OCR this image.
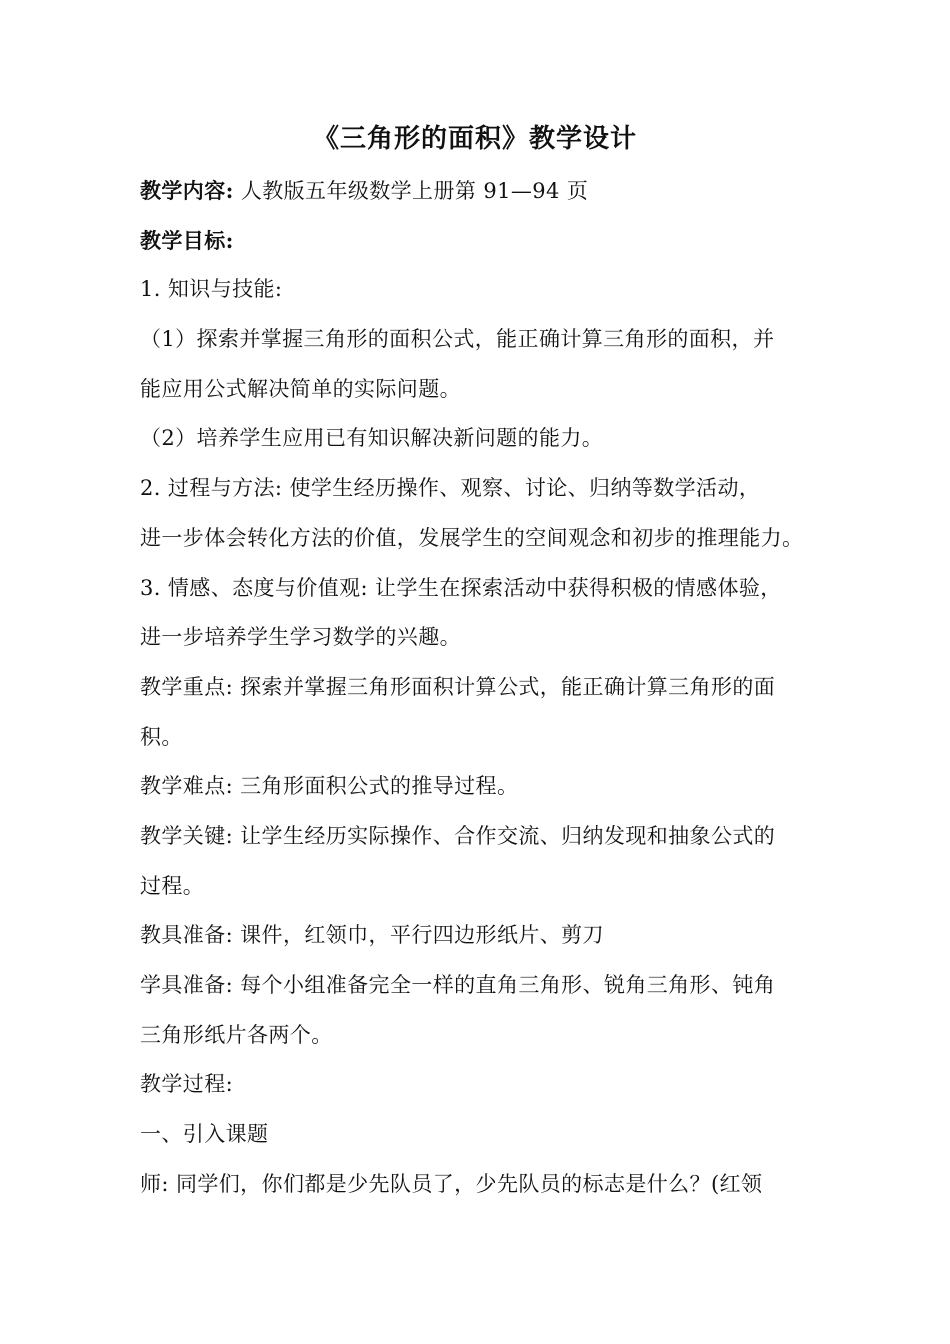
《三角形的面积》教学设计

教学内容: 人教版五年级数学上册第 91—94 页

教学目标:

1. 知识与技能:

（1）探索并掌握三角形的面积公式，能正确计算三角形的面积，并

能应用公式解决简单的实际问题。

（2）培养学生应用已有知识解决新问题的能力。

2. 过程与方法: 使学生经历操作、观察、讨论、归纳等数学活动，

进一步体会转化方法的价值，发展学生的空间观念和初步的推理能力。

3. 情感、态度与价值观: 让学生在探索活动中获得积极的情感体验，

进一步培养学生学习数学的兴趣。

教学重点: 探索并掌握三角形面积计算公式，能正确计算三角形的面

积。

教学难点: 三角形面积公式的推导过程。

教学关键: 让学生经历实际操作、合作交流、归纳发现和抽象公式的

过程。

教具准备: 课件，红领巾，平行四边形纸片、剪刀

学具准备: 每个小组准备完全一样的直角三角形、锐角三角形、钝角

三角形纸片各两个。

教学过程:

一、引入课题

师: 同学们，你们都是少先队员了，少先队员的标志是什么？(红领
